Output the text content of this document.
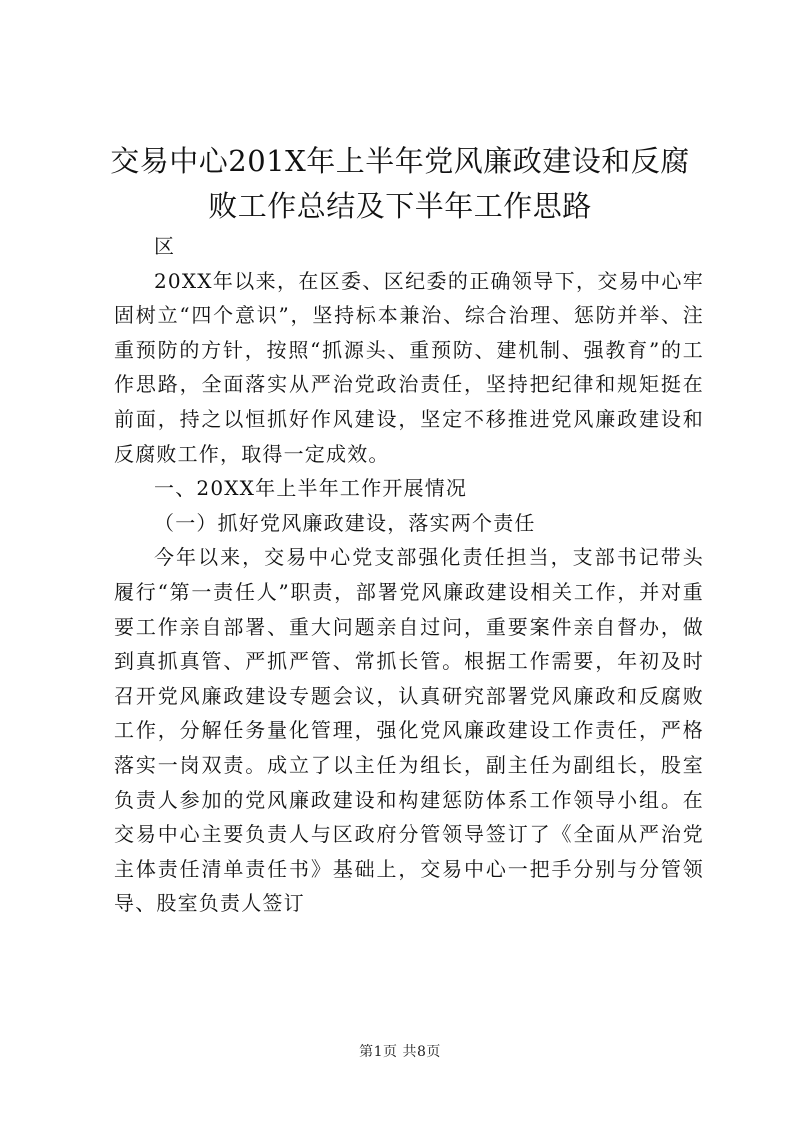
交易中心201X年上半年党风廉政建设和反腐
败工作总结及下半年工作思路

区

20XX年以来，在区委、区纪委的正确领导下，交易中心牢固树立“四个意识”，坚持标本兼治、综合治理、惩防并举、注重预防的方针，按照“抓源头、重预防、建机制、强教育”的工作思路，全面落实从严治党政治责任，坚持把纪律和规矩挺在前面，持之以恒抓好作风建设，坚定不移推进党风廉政建设和反腐败工作，取得一定成效。

一、20XX年上半年工作开展情况

（一）抓好党风廉政建设，落实两个责任

今年以来，交易中心党支部强化责任担当，支部书记带头履行“第一责任人”职责，部署党风廉政建设相关工作，并对重要工作亲自部署、重大问题亲自过问，重要案件亲自督办，做到真抓真管、严抓严管、常抓长管。根据工作需要，年初及时召开党风廉政建设专题会议，认真研究部署党风廉政和反腐败工作，分解任务量化管理，强化党风廉政建设工作责任，严格落实一岗双责。成立了以主任为组长，副主任为副组长，股室负责人参加的党风廉政建设和构建惩防体系工作领导小组。在交易中心主要负责人与区政府分管领导签订了《全面从严治党主体责任清单责任书》基础上，交易中心一把手分别与分管领导、股室负责人签订

第1页 共8页
